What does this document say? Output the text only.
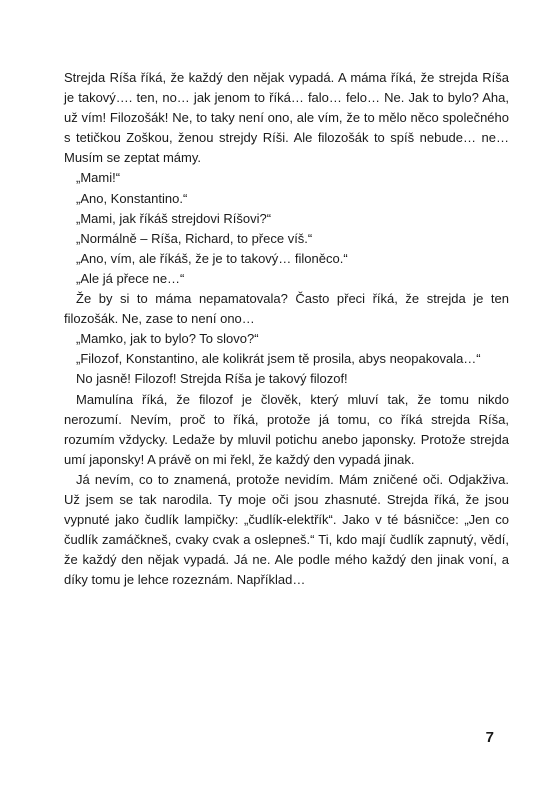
Strejda Ríša říká, že každý den nějak vypadá. A máma říká, že strejda Ríša je takový…. ten, no… jak jenom to říká… falo… felo… Ne. Jak to bylo? Aha, už vím! Filozošák! Ne, to taky není ono, ale vím, že to mělo něco společného s tetičkou Zoškou, ženou strejdy Ríši. Ale filozošák to spíš nebude… ne… Musím se zeptat mámy.

„Mami!“

„Ano, Konstantino.“

„Mami, jak říkáš strejdovi Ríšovi?“

„Normálně – Ríša, Richard, to přece víš.“

„Ano, vím, ale říkáš, že je to takový… filoněco.“

„Ale já přece ne…“

Že by si to máma nepamatovala? Často přeci říká, že strejda je ten filozošák. Ne, zase to není ono…

„Mamko, jak to bylo? To slovo?“

„Filozof, Konstantino, ale kolikrát jsem tě prosila, abys neopakovala…“

No jasně! Filozof! Strejda Ríša je takový filozof!

Mamulína říká, že filozof je člověk, který mluví tak, že tomu nikdo nerozumí. Nevím, proč to říká, protože já tomu, co říká strejda Ríša, rozumím vždycky. Ledaže by mluvil potichu anebo japonsky. Protože strejda umí japonsky! A právě on mi řekl, že každý den vypadá jinak.

Já nevím, co to znamená, protože nevidím. Mám zničené oči. Odjakživa. Už jsem se tak narodila. Ty moje oči jsou zhasnuté. Strejda říká, že jsou vypnuté jako čudlík lampičky: „čudlík-elektřík“. Jako v té básničce: „Jen co čudlík zamáčkneš, cvaky cvak a oslepneš.“ Ti, kdo mají čudlík zapnutý, vědí, že každý den nějak vypadá. Já ne. Ale podle mého každý den jinak voní, a díky tomu je lehce rozeznám. Například…

7
